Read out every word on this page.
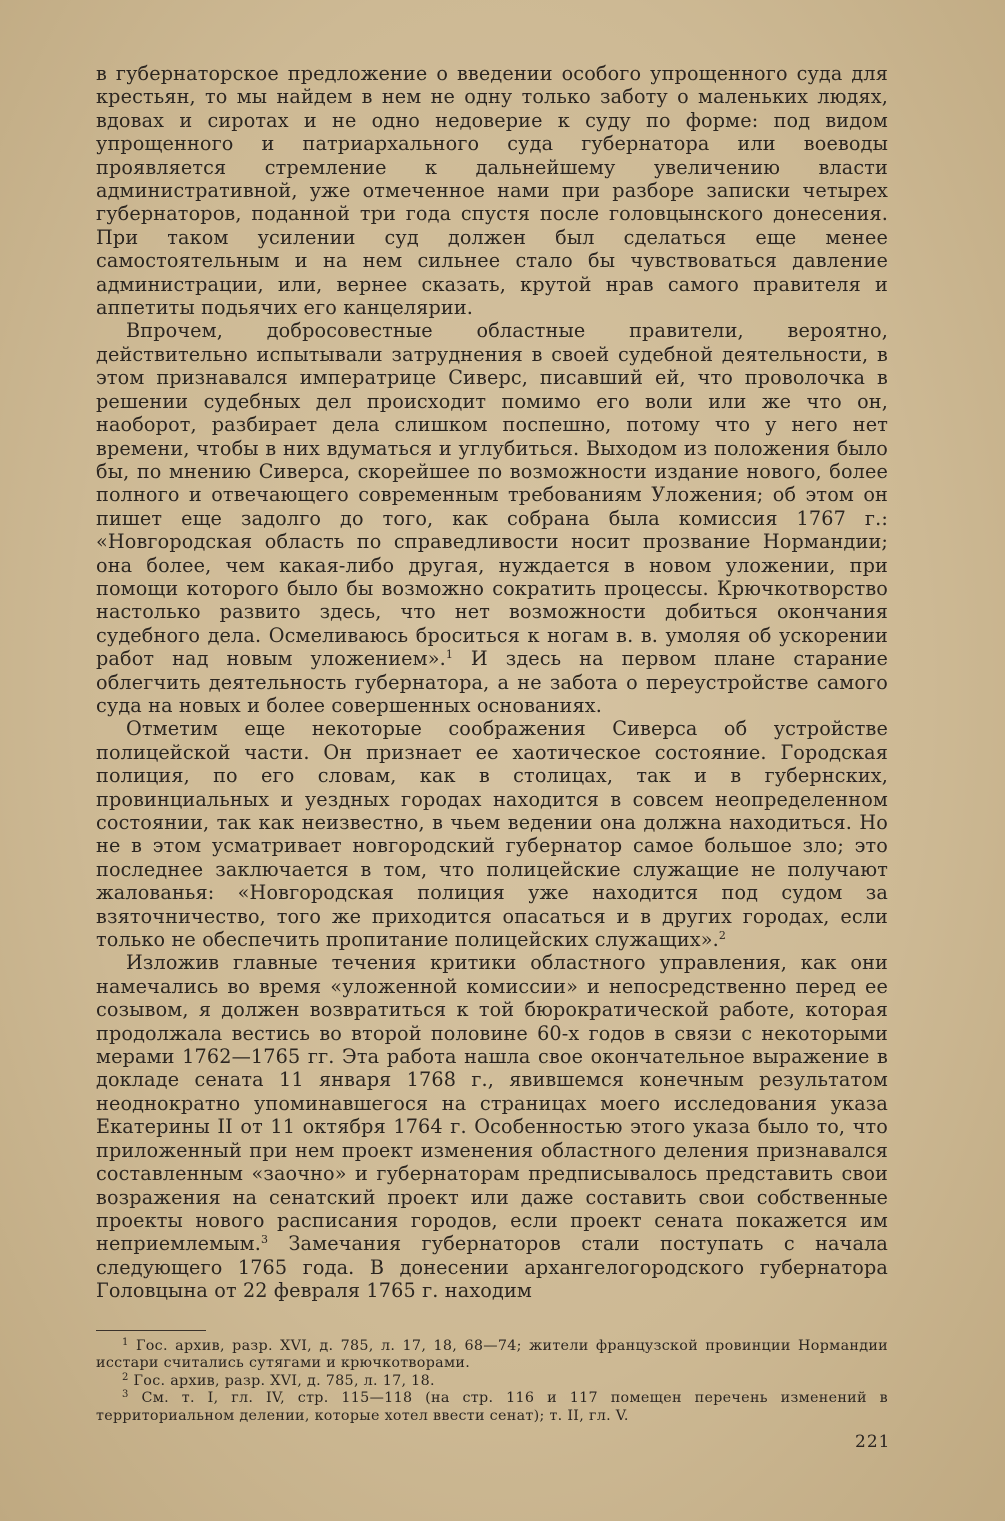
в губернаторское предложение о введении особого упрощенного суда для крестьян, то мы найдем в нем не одну только заботу о маленьких людях, вдовах и сиротах и не одно недоверие к суду по форме: под видом упрощенного и патриархального суда губернатора или воеводы проявляется стремление к дальнейшему увеличению власти административной, уже отмеченное нами при разборе записки четырех губернаторов, поданной три года спустя после головцынского донесения. При таком усилении суд должен был сделаться еще менее самостоятельным и на нем сильнее стало бы чувствоваться давление администрации, или, вернее сказать, крутой нрав самого правителя и аппетиты подьячих его канцелярии.

Впрочем, добросовестные областные правители, вероятно, действительно испытывали затруднения в своей судебной деятельности, в этом признавался императрице Сиверс, писавший ей, что проволочка в решении судебных дел происходит помимо его воли или же что он, наоборот, разбирает дела слишком поспешно, потому что у него нет времени, чтобы в них вдуматься и углубиться. Выходом из положения было бы, по мнению Сиверса, скорейшее по возможности издание нового, более полного и отвечающего современным требованиям Уложения; об этом он пишет еще задолго до того, как собрана была комиссия 1767 г.: «Новгородская область по справедливости носит прозвание Нормандии; она более, чем какая-либо другая, нуждается в новом уложении, при помощи которого было бы возможно сократить процессы. Крючкотворство настолько развито здесь, что нет возможности добиться окончания судебного дела. Осмеливаюсь броситься к ногам в. в. умоляя об ускорении работ над новым уложением».$^1$ И здесь на первом плане старание облегчить деятельность губернатора, а не забота о переустройстве самого суда на новых и более совершенных основаниях.

Отметим еще некоторые соображения Сиверса об устройстве полицейской части. Он признает ее хаотическое состояние. Городская полиция, по его словам, как в столицах, так и в губернских, провинциальных и уездных городах находится в совсем неопределенном состоянии, так как неизвестно, в чьем ведении она должна находиться. Но не в этом усматривает новгородский губернатор самое большое зло; это последнее заключается в том, что полицейские служащие не получают жалованья: «Новгородская полиция уже находится под судом за взяточничество, того же приходится опасаться и в других городах, если только не обеспечить пропитание полицейских служащих».$^2$

Изложив главные течения критики областного управления, как они намечались во время «уложенной комиссии» и непосредственно перед ее созывом, я должен возвратиться к той бюрократической работе, которая продолжала вестись во второй половине 60-х годов в связи с некоторыми мерами 1762—1765 гг. Эта работа нашла свое окончательное выражение в докладе сената 11 января 1768 г., явившемся конечным результатом неоднократно упоминавшегося на страницах моего исследования указа Екатерины II от 11 октября 1764 г. Особенностью этого указа было то, что приложенный при нем проект изменения областного деления признавался составленным «заочно» и губернаторам предписывалось представить свои возражения на сенатский проект или даже составить свои собственные проекты нового расписания городов, если проект сената покажется им неприемлемым.$^3$ Замечания губернаторов стали поступать с начала следующего 1765 года. В донесении архангелогородского губернатора Головцына от 22 февраля 1765 г. находим

$^1$ Гос. архив, разр. XVI, д. 785, л. 17, 18, 68—74; жители французской провинции Нормандии исстари считались сутягами и крючкотворами.

$^2$ Гос. архив, разр. XVI, д. 785, л. 17, 18.

$^3$ См. т. I, гл. IV, стр. 115—118 (на стр. 116 и 117 помещен перечень изменений в территориальном делении, которые хотел ввести сенат); т. II, гл. V.

221
